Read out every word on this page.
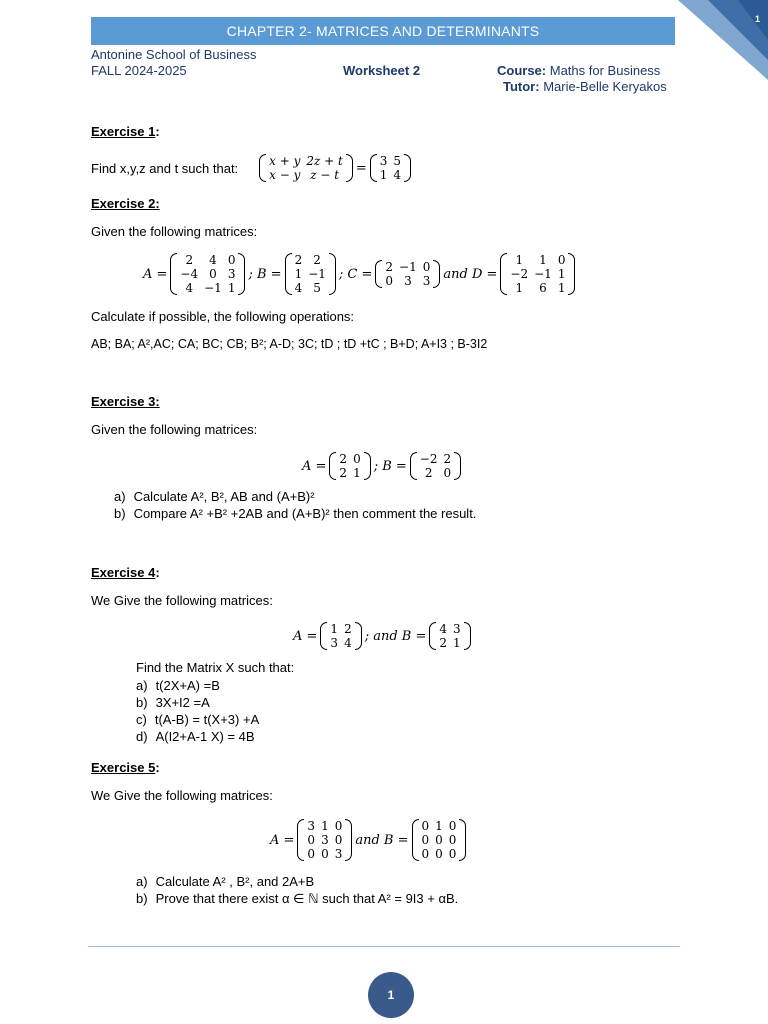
CHAPTER 2- MATRICES AND DETERMINANTS
1
Antonine School of Business
FALL 2024-2025	Worksheet 2	Course: Maths for Business
Tutor: Marie-Belle Keryakos
Exercise 1:
Find x,y,z and t such that:	x + y	2z + t
x − y	z − t = 3	5
1	4
Exercise 2:
Given the following matrices:
A =
2	4	0
−4	0	3
4	−1	1
; B =
2	2
1	−1
4	5
; C = 2	−1	0
0	3	3 and D =
1	1	0
−2	−1	1
1	6	1
Calculate if possible, the following operations:
AB; BA; A²,AC; CA; BC; CB; B²; A-D; 3C; tD ; tD +tC ; B+D; A+I3 ; B-3I2
Exercise 3:
Given the following matrices:
A = 2	0
2	1 ; B = −2	2
2	0
a) Calculate A², B², AB and (A+B)²
b) Compare A² +B² +2AB and (A+B)² then comment the result.
Exercise 4:
We Give the following matrices:
A = 1	2
3	4 ; and B = 4	3
2	1
Find the Matrix X such that:
a) t(2X+A) =B
b) 3X+I2 =A
c) t(A-B) = t(X+3) +A
d) A(I2+A-1 X) = 4B
Exercise 5:
We Give the following matrices:
A =
3	1	0
0	3	0
0	0	3
and B =
0	1	0
0	0	0
0	0	0
a) Calculate A² , B², and 2A+B
b) Prove that there exist α ∈ ℕ such that A² = 9I3 + αB.
1
